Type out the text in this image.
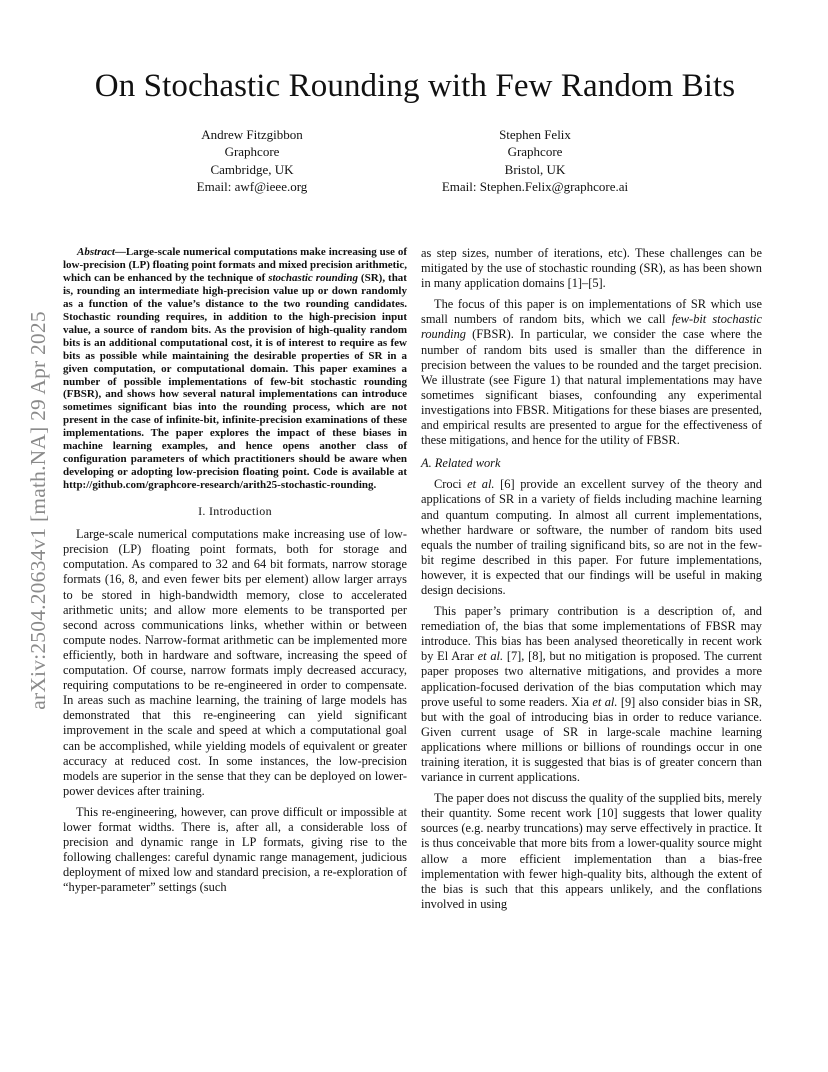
arXiv:2504.20634v1 [math.NA] 29 Apr 2025
On Stochastic Rounding with Few Random Bits
Andrew Fitzgibbon
Graphcore
Cambridge, UK
Email: awf@ieee.org
Stephen Felix
Graphcore
Bristol, UK
Email: Stephen.Felix@graphcore.ai

Abstract—Large-scale numerical computations make increasing use of low-precision (LP) floating point formats and mixed precision arithmetic, which can be enhanced by the technique of stochastic rounding (SR), that is, rounding an intermediate high-precision value up or down randomly as a function of the value’s distance to the two rounding candidates. Stochastic rounding requires, in addition to the high-precision input value, a source of random bits. As the provision of high-quality random bits is an additional computational cost, it is of interest to require as few bits as possible while maintaining the desirable properties of SR in a given computation, or computational domain. This paper examines a number of possible implementations of few-bit stochastic rounding (FBSR), and shows how several natural implementations can introduce sometimes significant bias into the rounding process, which are not present in the case of infinite-bit, infinite-precision examinations of these implementations. The paper explores the impact of these biases in machine learning examples, and hence opens another class of configuration parameters of which practitioners should be aware when developing or adopting low-precision floating point. Code is available at http://github.com/graphcore-research/arith25-stochastic-rounding.

I. Introduction

Large-scale numerical computations make increasing use of low-precision (LP) floating point formats, both for storage and computation. As compared to 32 and 64 bit formats, narrow storage formats (16, 8, and even fewer bits per element) allow larger arrays to be stored in high-bandwidth memory, close to accelerated arithmetic units; and allow more elements to be transported per second across communications links, whether within or between compute nodes. Narrow-format arithmetic can be implemented more efficiently, both in hardware and software, increasing the speed of computation. Of course, narrow formats imply decreased accuracy, requiring computations to be re-engineered in order to compensate. In areas such as machine learning, the training of large models has demonstrated that this re-engineering can yield significant improvement in the scale and speed at which a computational goal can be accomplished, while yielding models of equivalent or greater accuracy at reduced cost. In some instances, the low-precision models are superior in the sense that they can be deployed on lower-power devices after training.

This re-engineering, however, can prove difficult or impossible at lower format widths. There is, after all, a considerable loss of precision and dynamic range in LP formats, giving rise to the following challenges: careful dynamic range management, judicious deployment of mixed low and standard precision, a re-exploration of “hyper-parameter” settings (such

as step sizes, number of iterations, etc). These challenges can be mitigated by the use of stochastic rounding (SR), as has been shown in many application domains [1]–[5].

The focus of this paper is on implementations of SR which use small numbers of random bits, which we call few-bit stochastic rounding (FBSR). In particular, we consider the case where the number of random bits used is smaller than the difference in precision between the values to be rounded and the target precision. We illustrate (see Figure 1) that natural implementations may have sometimes significant biases, confounding any experimental investigations into FBSR. Mitigations for these biases are presented, and empirical results are presented to argue for the effectiveness of these mitigations, and hence for the utility of FBSR.

A. Related work

Croci et al. [6] provide an excellent survey of the theory and applications of SR in a variety of fields including machine learning and quantum computing. In almost all current implementations, whether hardware or software, the number of random bits used equals the number of trailing significand bits, so are not in the few-bit regime described in this paper. For future implementations, however, it is expected that our findings will be useful in making design decisions.

This paper’s primary contribution is a description of, and remediation of, the bias that some implementations of FBSR may introduce. This bias has been analysed theoretically in recent work by El Arar et al. [7], [8], but no mitigation is proposed. The current paper proposes two alternative mitigations, and provides a more application-focused derivation of the bias computation which may prove useful to some readers. Xia et al. [9] also consider bias in SR, but with the goal of introducing bias in order to reduce variance. Given current usage of SR in large-scale machine learning applications where millions or billions of roundings occur in one training iteration, it is suggested that bias is of greater concern than variance in current applications.

The paper does not discuss the quality of the supplied bits, merely their quantity. Some recent work [10] suggests that lower quality sources (e.g. nearby truncations) may serve effectively in practice. It is thus conceivable that more bits from a lower-quality source might allow a more efficient implementation than a bias-free implementation with fewer high-quality bits, although the extent of the bias is such that this appears unlikely, and the conflations involved in using
